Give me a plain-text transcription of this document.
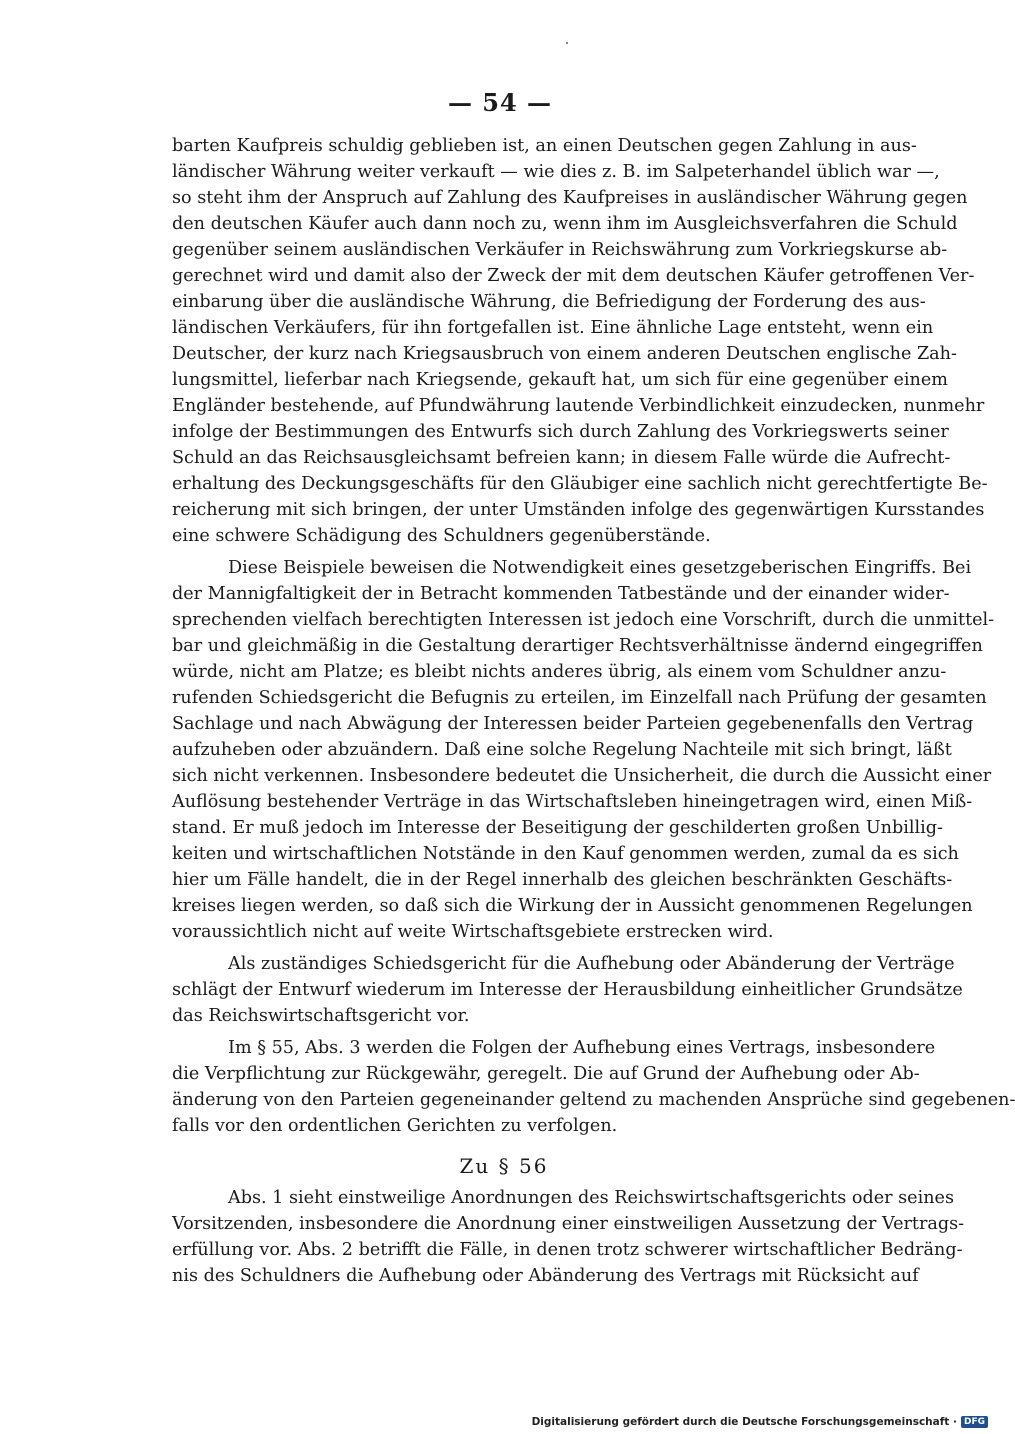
— 54 —
barten Kaufpreis schuldig geblieben ist, an einen Deutschen gegen Zahlung in aus-
ländischer Währung weiter verkauft — wie dies z. B. im Salpeterhandel üblich war —,
so steht ihm der Anspruch auf Zahlung des Kaufpreises in ausländischer Währung gegen
den deutschen Käufer auch dann noch zu, wenn ihm im Ausgleichsverfahren die Schuld
gegenüber seinem ausländischen Verkäufer in Reichswährung zum Vorkriegskurse ab-
gerechnet wird und damit also der Zweck der mit dem deutschen Käufer getroffenen Ver-
einbarung über die ausländische Währung, die Befriedigung der Forderung des aus-
ländischen Verkäufers, für ihn fortgefallen ist. Eine ähnliche Lage entsteht, wenn ein
Deutscher, der kurz nach Kriegsausbruch von einem anderen Deutschen englische Zah-
lungsmittel, lieferbar nach Kriegsende, gekauft hat, um sich für eine gegenüber einem
Engländer bestehende, auf Pfundwährung lautende Verbindlichkeit einzudecken, nunmehr
infolge der Bestimmungen des Entwurfs sich durch Zahlung des Vorkriegswerts seiner
Schuld an das Reichsausgleichsamt befreien kann; in diesem Falle würde die Aufrecht-
erhaltung des Deckungsgeschäfts für den Gläubiger eine sachlich nicht gerechtfertigte Be-
reicherung mit sich bringen, der unter Umständen infolge des gegenwärtigen Kursstandes
eine schwere Schädigung des Schuldners gegenüberstände.
Diese Beispiele beweisen die Notwendigkeit eines gesetzgeberischen Eingriffs. Bei
der Mannigfaltigkeit der in Betracht kommenden Tatbestände und der einander wider-
sprechenden vielfach berechtigten Interessen ist jedoch eine Vorschrift, durch die unmittel-
bar und gleichmäßig in die Gestaltung derartiger Rechtsverhältnisse ändernd eingegriffen
würde, nicht am Platze; es bleibt nichts anderes übrig, als einem vom Schuldner anzu-
rufenden Schiedsgericht die Befugnis zu erteilen, im Einzelfall nach Prüfung der gesamten
Sachlage und nach Abwägung der Interessen beider Parteien gegebenenfalls den Vertrag
aufzuheben oder abzuändern. Daß eine solche Regelung Nachteile mit sich bringt, läßt
sich nicht verkennen. Insbesondere bedeutet die Unsicherheit, die durch die Aussicht einer
Auflösung bestehender Verträge in das Wirtschaftsleben hineingetragen wird, einen Miß-
stand. Er muß jedoch im Interesse der Beseitigung der geschilderten großen Unbillig-
keiten und wirtschaftlichen Notstände in den Kauf genommen werden, zumal da es sich
hier um Fälle handelt, die in der Regel innerhalb des gleichen beschränkten Geschäfts-
kreises liegen werden, so daß sich die Wirkung der in Aussicht genommenen Regelungen
voraussichtlich nicht auf weite Wirtschaftsgebiete erstrecken wird.
Als zuständiges Schiedsgericht für die Aufhebung oder Abänderung der Verträge
schlägt der Entwurf wiederum im Interesse der Herausbildung einheitlicher Grundsätze
das Reichswirtschaftsgericht vor.
Im § 55, Abs. 3 werden die Folgen der Aufhebung eines Vertrags, insbesondere
die Verpflichtung zur Rückgewähr, geregelt. Die auf Grund der Aufhebung oder Ab-
änderung von den Parteien gegeneinander geltend zu machenden Ansprüche sind gegebenen-
falls vor den ordentlichen Gerichten zu verfolgen.
Zu § 56
Abs. 1 sieht einstweilige Anordnungen des Reichswirtschaftsgerichts oder seines
Vorsitzenden, insbesondere die Anordnung einer einstweiligen Aussetzung der Vertrags-
erfüllung vor. Abs. 2 betrifft die Fälle, in denen trotz schwerer wirtschaftlicher Bedräng-
nis des Schuldners die Aufhebung oder Abänderung des Vertrags mit Rücksicht auf
Digitalisierung gefördert durch die Deutsche Forschungsgemeinschaft · DFG
